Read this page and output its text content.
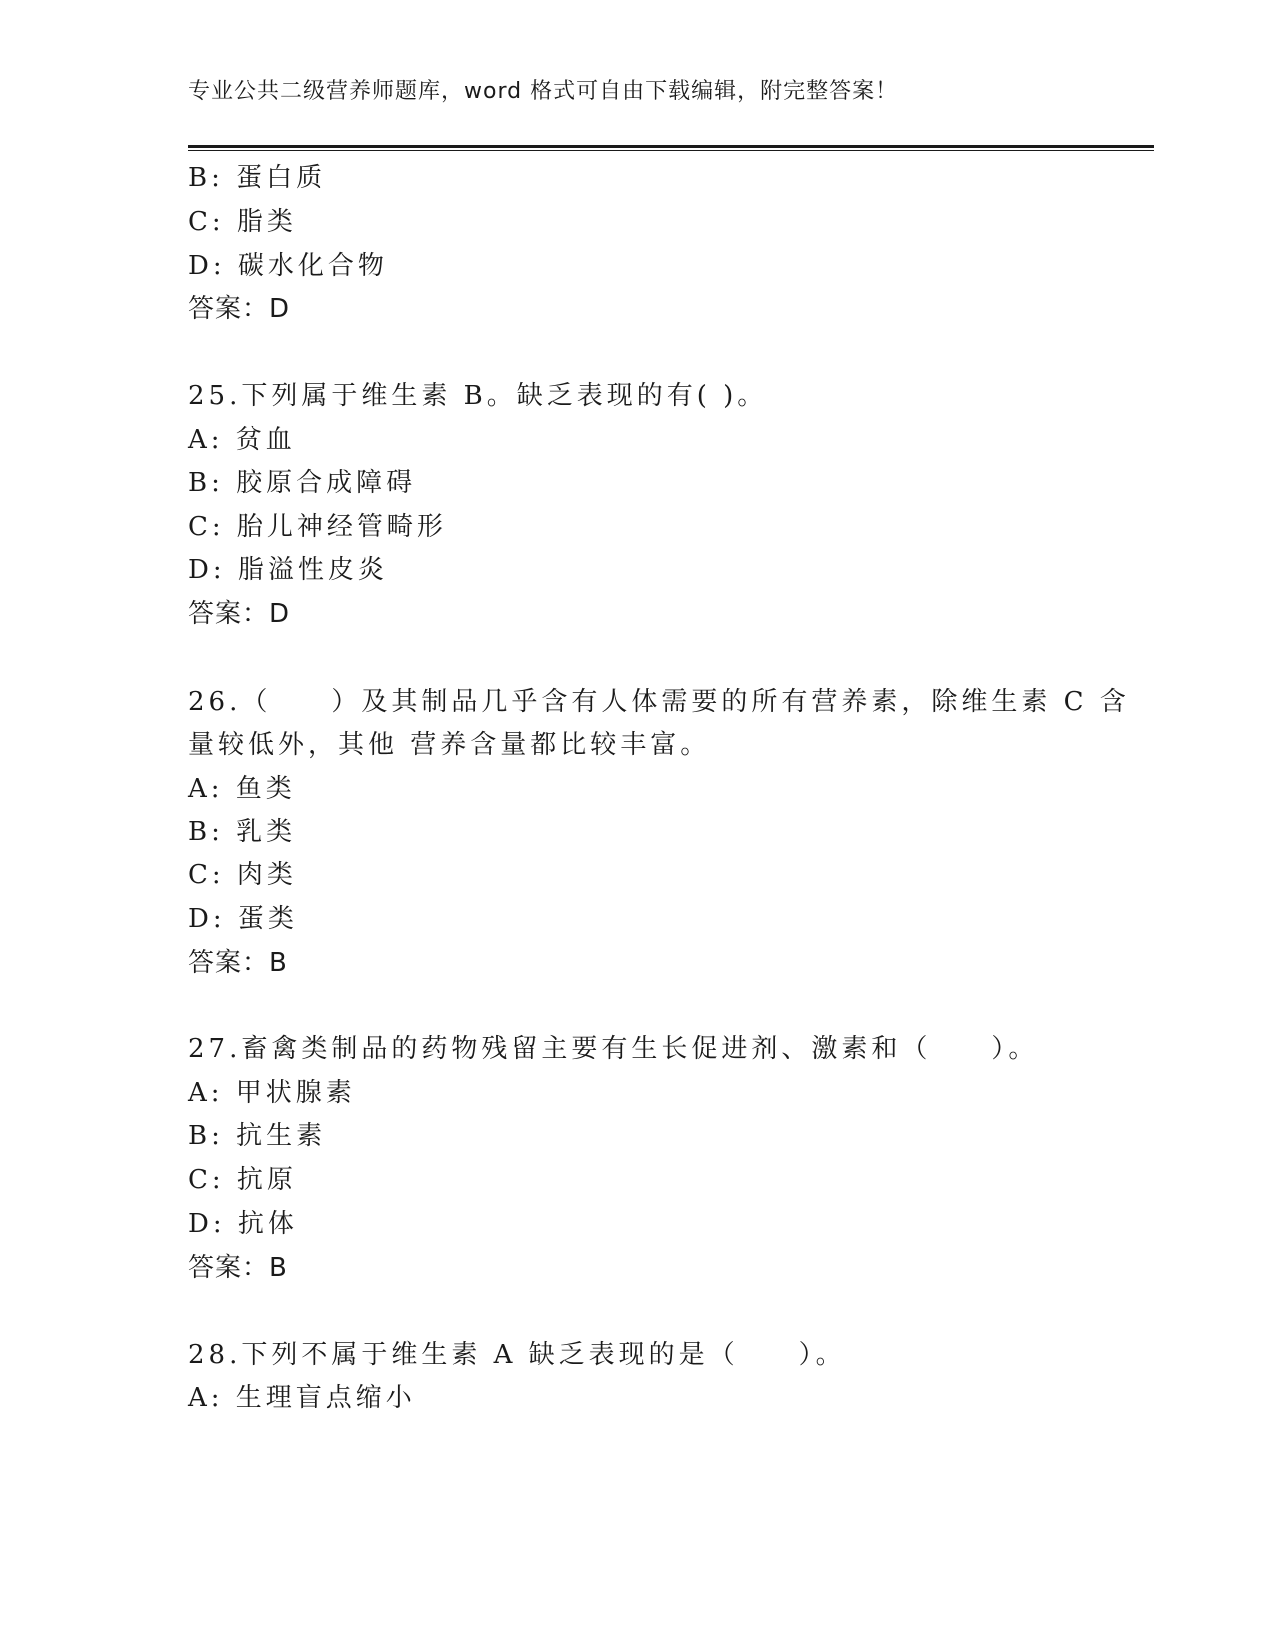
专业公共二级营养师题库，word 格式可自由下载编辑，附完整答案！
B: 蛋白质
C: 脂类
D: 碳水化合物
答案：D
25.下列属于维生素 B。缺乏表现的有( )。
A: 贫血
B: 胶原合成障碍
C: 胎儿神经管畸形
D: 脂溢性皮炎
答案：D
26.（　　）及其制品几乎含有人体需要的所有营养素，除维生素 C 含
量较低外，其他 营养含量都比较丰富。
A: 鱼类
B: 乳类
C: 肉类
D: 蛋类
答案：B
27.畜禽类制品的药物残留主要有生长促进剂、激素和（　　）。
A: 甲状腺素
B: 抗生素
C: 抗原
D: 抗体
答案：B
28.下列不属于维生素 A 缺乏表现的是（　　）。
A: 生理盲点缩小
